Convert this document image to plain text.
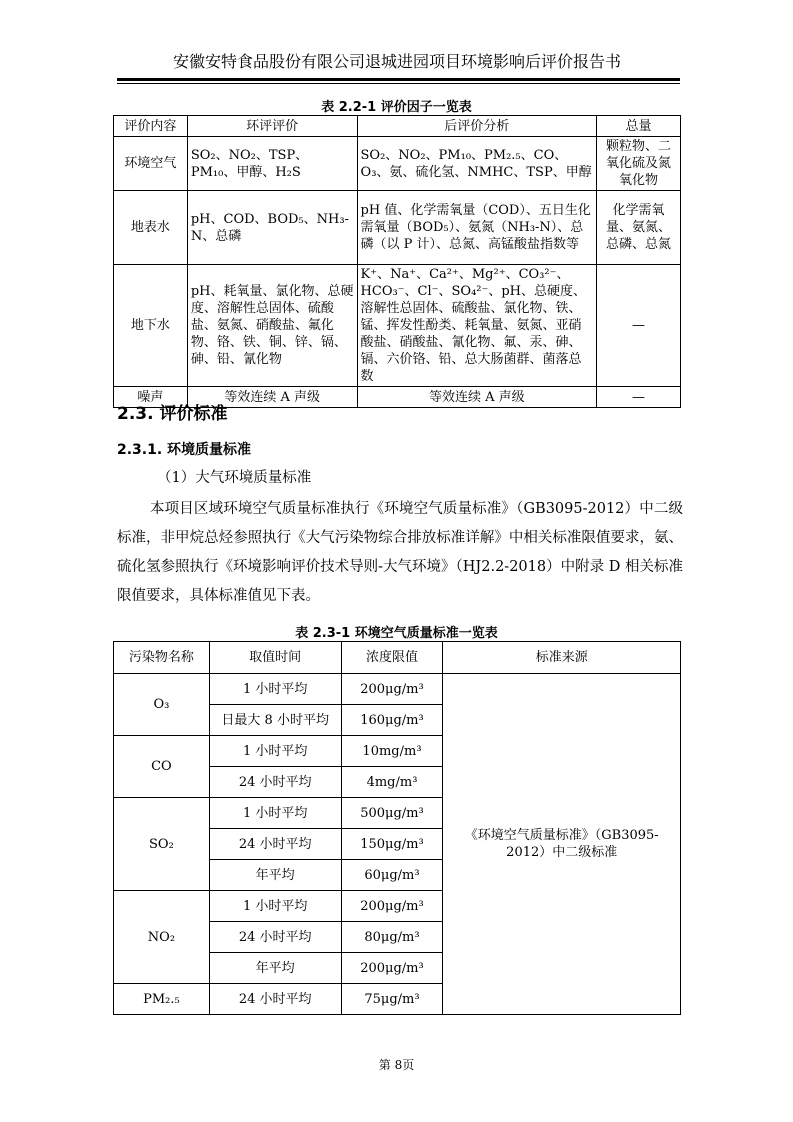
安徽安特食品股份有限公司退城进园项目环境影响后评价报告书
表 2.2-1 评价因子一览表
评价内容	环评评价	后评价分析	总量
环境空气	SO₂、NO₂、TSP、PM₁₀、甲醇、H₂S	SO₂、NO₂、PM₁₀、PM₂.₅、CO、O₃、氨、硫化氢、NMHC、TSP、甲醇	颗粒物、二氧化硫及氮氧化物
地表水	pH、COD、BOD₅、NH₃-N、总磷	pH 值、化学需氧量（COD）、五日生化需氧量（BOD₅）、氨氮（NH₃-N）、总磷（以 P 计）、总氮、高锰酸盐指数等	化学需氧量、氨氮、总磷、总氮
地下水	pH、耗氧量、氯化物、总硬度、溶解性总固体、硫酸盐、氨氮、硝酸盐、氟化物、铬、铁、铜、锌、镉、砷、铅、氰化物	K⁺、Na⁺、Ca²⁺、Mg²⁺、CO₃²⁻、HCO₃⁻、Cl⁻、SO₄²⁻、pH、总硬度、溶解性总固体、硫酸盐、氯化物、铁、锰、挥发性酚类、耗氧量、氨氮、亚硝酸盐、硝酸盐、氰化物、氟、汞、砷、镉、六价铬、铅、总大肠菌群、菌落总数	—
噪声	等效连续 A 声级	等效连续 A 声级	—
2.3. 评价标准
2.3.1. 环境质量标准
（1）大气环境质量标准
本项目区域环境空气质量标准执行《环境空气质量标准》（GB3095-2012）中二级标准，非甲烷总烃参照执行《大气污染物综合排放标准详解》中相关标准限值要求，氨、硫化氢参照执行《环境影响评价技术导则-大气环境》（HJ2.2-2018）中附录 D 相关标准限值要求，具体标准值见下表。
表 2.3-1 环境空气质量标准一览表
污染物名称	取值时间	浓度限值	标准来源
O₃	1 小时平均	200μg/m³	《环境空气质量标准》（GB3095-2012）中二级标准
	日最大 8 小时平均	160μg/m³	
CO	1 小时平均	10mg/m³	
	24 小时平均	4mg/m³	
SO₂	1 小时平均	500μg/m³	
	24 小时平均	150μg/m³	
	年平均	60μg/m³	
NO₂	1 小时平均	200μg/m³	
	24 小时平均	80μg/m³	
	年平均	200μg/m³	
PM₂.₅	24 小时平均	75μg/m³	
第 8页
